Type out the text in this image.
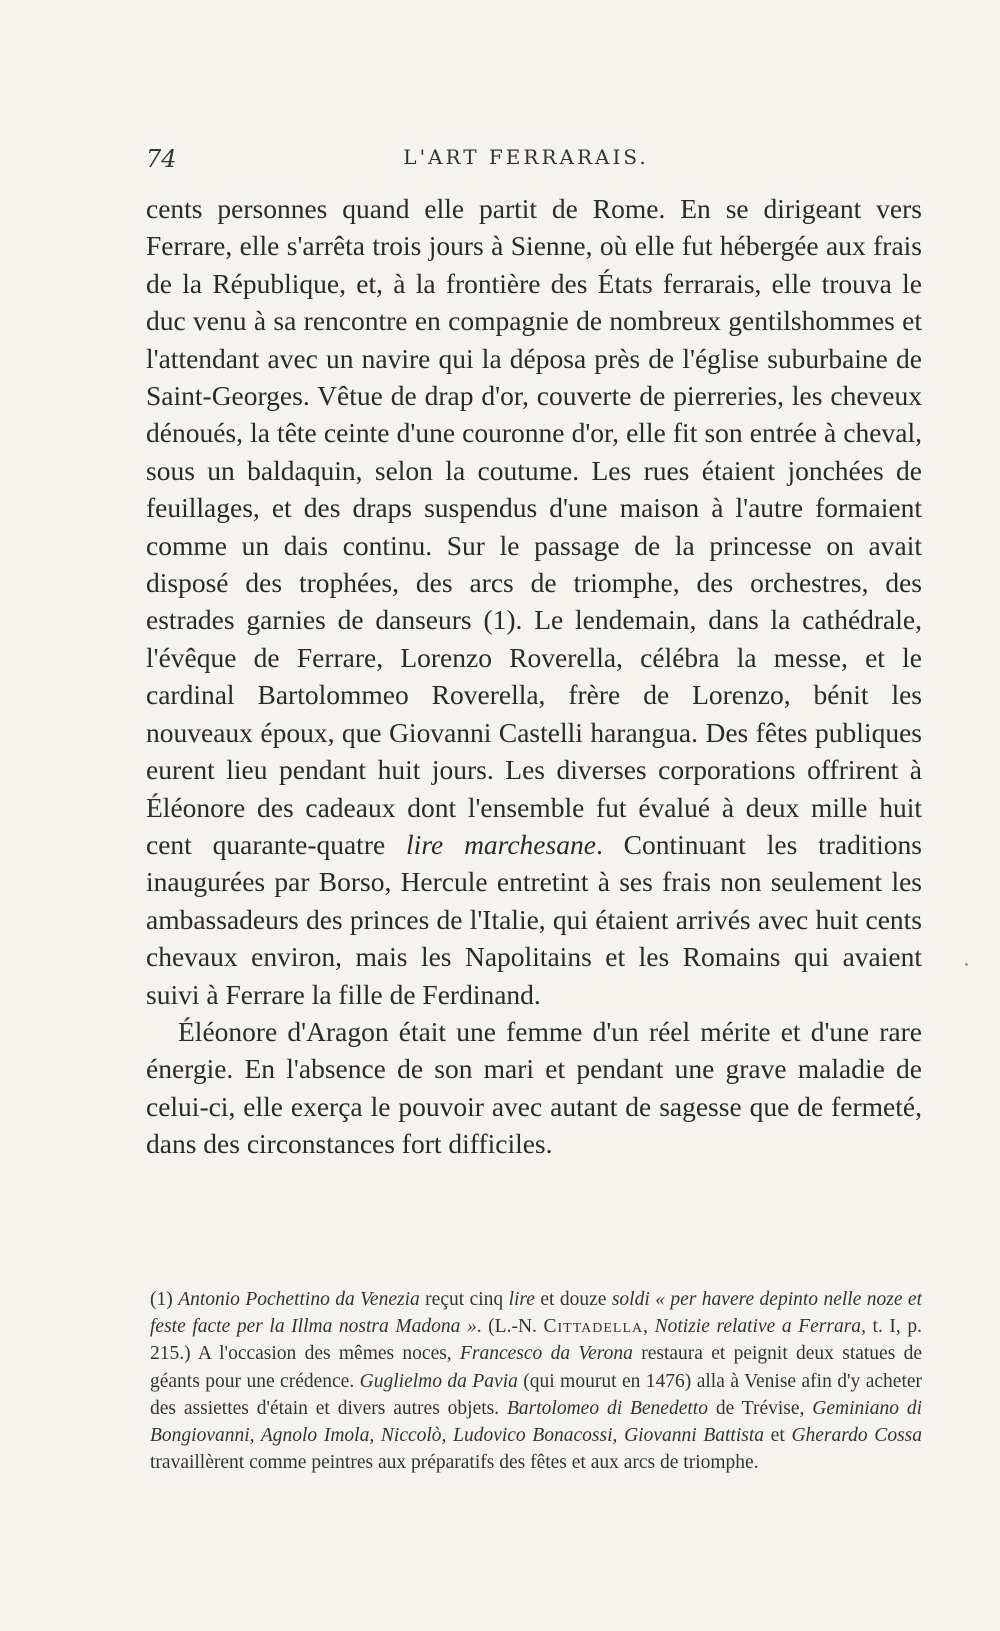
74	L'ART FERRARAIS.

cents personnes quand elle partit de Rome. En se dirigeant vers Ferrare, elle s'arrêta trois jours à Sienne, où elle fut hébergée aux frais de la République, et, à la frontière des États ferrarais, elle trouva le duc venu à sa rencontre en compagnie de nombreux gentilshommes et l'attendant avec un navire qui la déposa près de l'église suburbaine de Saint-Georges. Vêtue de drap d'or, couverte de pierreries, les cheveux dénoués, la tête ceinte d'une couronne d'or, elle fit son entrée à cheval, sous un baldaquin, selon la coutume. Les rues étaient jonchées de feuillages, et des draps suspendus d'une maison à l'autre formaient comme un dais continu. Sur le passage de la princesse on avait disposé des trophées, des arcs de triomphe, des orchestres, des estrades garnies de danseurs (1). Le lendemain, dans la cathédrale, l'évêque de Ferrare, Lorenzo Roverella, célébra la messe, et le cardinal Bartolommeo Roverella, frère de Lorenzo, bénit les nouveaux époux, que Giovanni Castelli harangua. Des fêtes publiques eurent lieu pendant huit jours. Les diverses corporations offrirent à Éléonore des cadeaux dont l'ensemble fut évalué à deux mille huit cent quarante-quatre lire marchesane. Continuant les traditions inaugurées par Borso, Hercule entretint à ses frais non seulement les ambassadeurs des princes de l'Italie, qui étaient arrivés avec huit cents chevaux environ, mais les Napolitains et les Romains qui avaient suivi à Ferrare la fille de Ferdinand.

Éléonore d'Aragon était une femme d'un réel mérite et d'une rare énergie. En l'absence de son mari et pendant une grave maladie de celui-ci, elle exerça le pouvoir avec autant de sagesse que de fermeté, dans des circonstances fort difficiles.

(1) Antonio Pochettino da Venezia reçut cinq lire et douze soldi « per havere depinto nelle noze et feste facte per la Illma nostra Madona ». (L.-N. Cittadella, Notizie relative a Ferrara, t. I, p. 215.) A l'occasion des mêmes noces, Francesco da Verona restaura et peignit deux statues de géants pour une crédence. Guglielmo da Pavia (qui mourut en 1476) alla à Venise afin d'y acheter des assiettes d'étain et divers autres objets. Bartolomeo di Benedetto de Trévise, Geminiano di Bongiovanni, Agnolo Imola, Niccolò, Ludovico Bonacossi, Giovanni Battista et Gherardo Cossa travaillèrent comme peintres aux préparatifs des fêtes et aux arcs de triomphe.
